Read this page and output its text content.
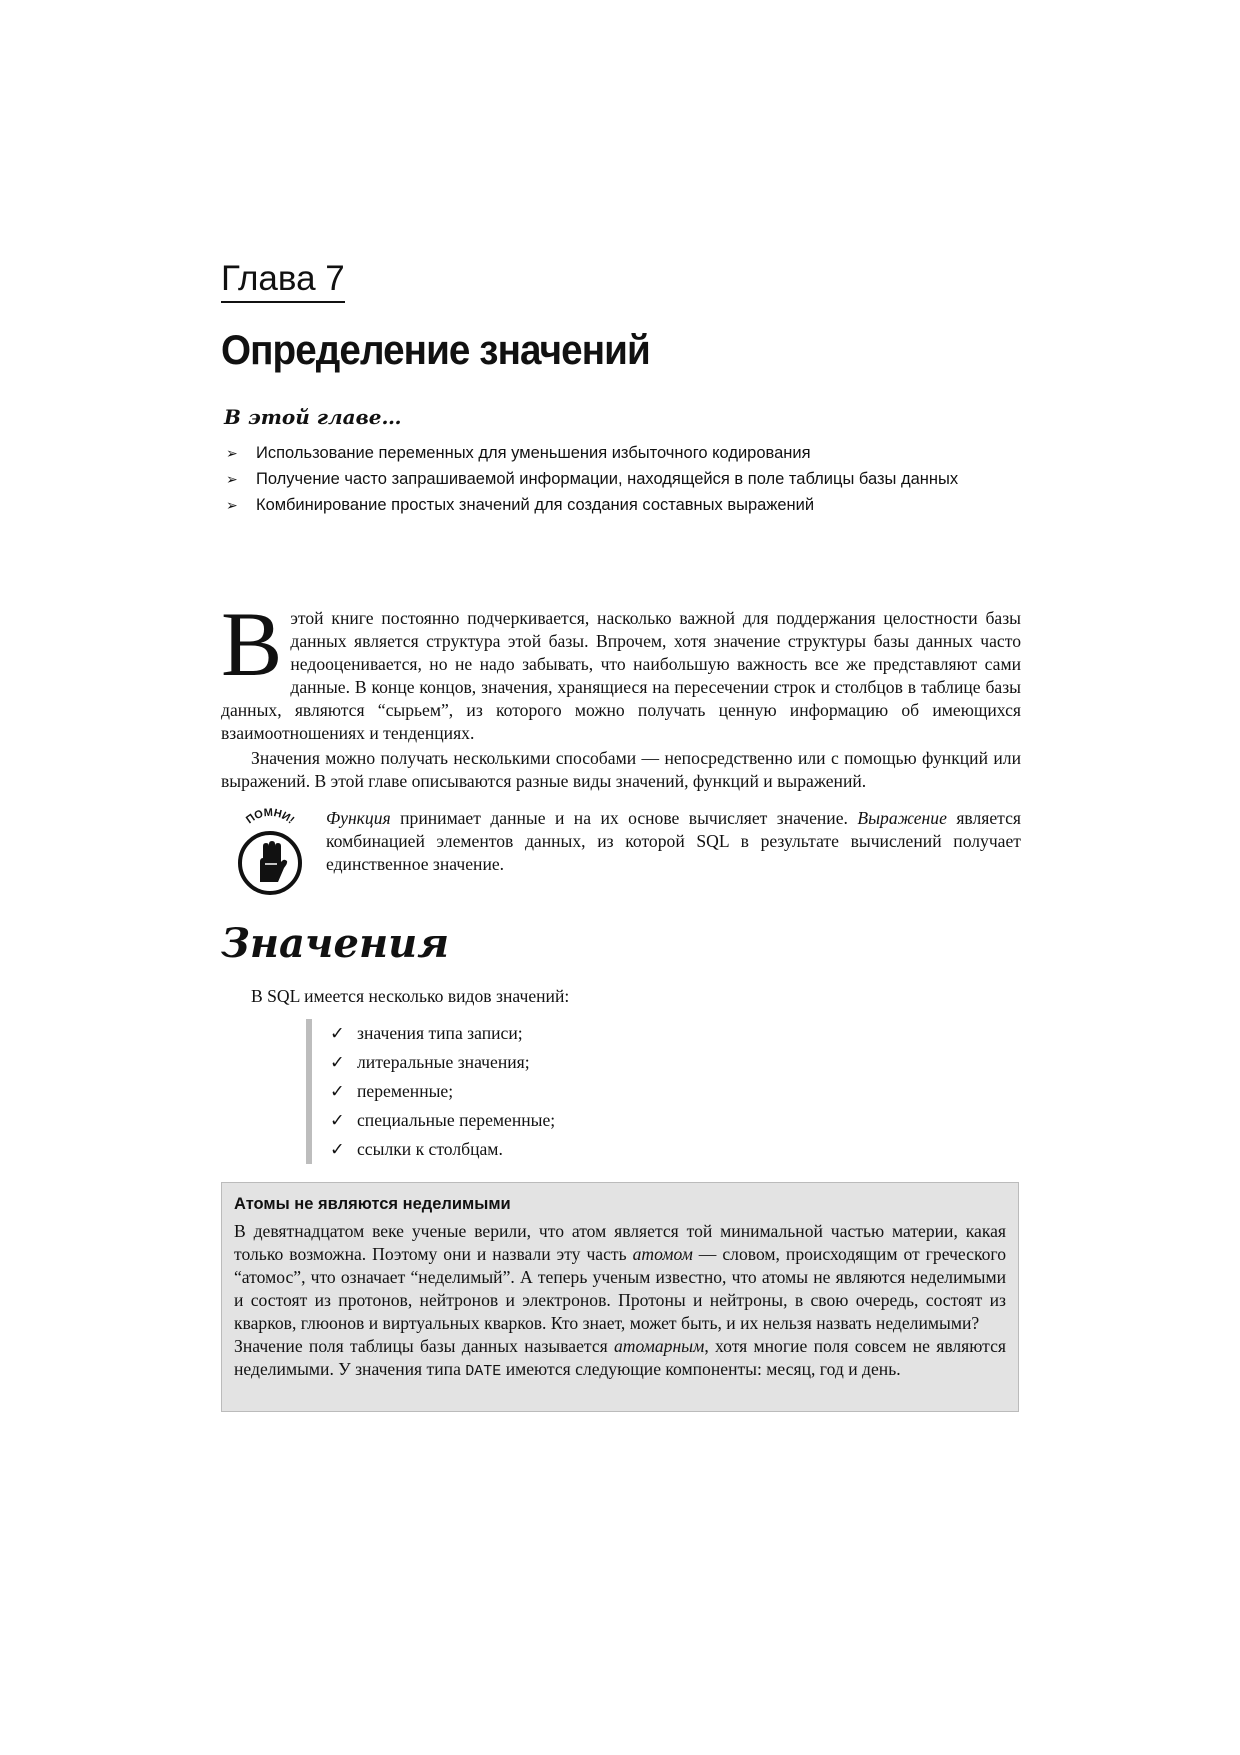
Глава 7
Определение значений
В этой главе…
➢	Использование переменных для уменьшения избыточного кодирования
➢	Получение часто запрашиваемой информации, находящейся в поле таблицы базы данных
➢	Комбинирование простых значений для создания составных выражений

В этой книге постоянно подчеркивается, насколько важной для поддержания целостности базы данных является структура этой базы. Впрочем, хотя значение структуры базы данных часто недооценивается, но не надо забывать, что наибольшую важность все же представляют сами данные. В конце концов, значения, хранящиеся на пересечении строк и столбцов в таблице базы данных, являются “сырьем”, из которого можно получать ценную информацию об имеющихся взаимоотношениях и тенденциях.

Значения можно получать несколькими способами — непосредственно или с помощью функций или выражений. В этой главе описываются разные виды значений, функций и выражений.

ПОМНИ! Функция принимает данные и на их основе вычисляет значение. Выражение является комбинацией элементов данных, из которой SQL в результате вычислений получает единственное значение.

Значения

В SQL имеется несколько видов значений:

✓ значения типа записи;
✓ литеральные значения;
✓ переменные;
✓ специальные переменные;
✓ ссылки к столбцам.
Атомы не являются неделимыми

В девятнадцатом веке ученые верили, что атом является той минимальной частью материи, какая только возможна. Поэтому они и назвали эту часть атомом — словом, происходящим от греческого “атомос”, что означает “неделимый”. А теперь ученым известно, что атомы не являются неделимыми и состоят из протонов, нейтронов и электронов. Протоны и нейтроны, в свою очередь, состоят из кварков, глюонов и виртуальных кварков. Кто знает, может быть, и их нельзя назвать неделимыми?

Значение поля таблицы базы данных называется атомарным, хотя многие поля совсем не являются неделимыми. У значения типа DATE имеются следующие компоненты: месяц, год и день.
